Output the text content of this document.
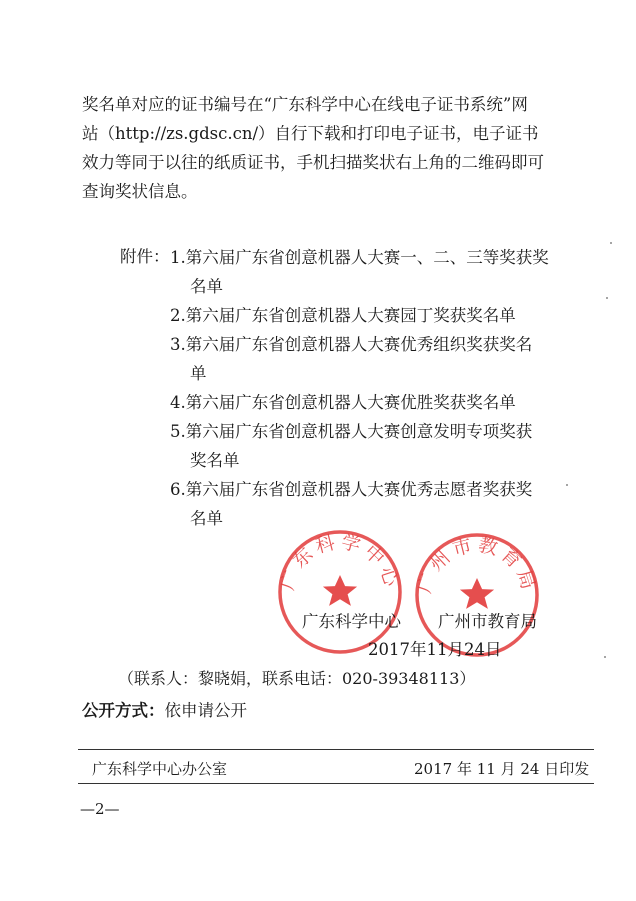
奖名单对应的证书编号在“广东科学中心在线电子证书系统”网
站（http://zs.gdsc.cn/）自行下载和打印电子证书，电子证书
效力等同于以往的纸质证书，手机扫描奖状右上角的二维码即可
查询奖状信息。
附件： 1.第六届广东省创意机器人大赛一、二、三等奖获奖
名单
2.第六届广东省创意机器人大赛园丁奖获奖名单
3.第六届广东省创意机器人大赛优秀组织奖获奖名
单
4.第六届广东省创意机器人大赛优胜奖获奖名单
5.第六届广东省创意机器人大赛创意发明专项奖获
奖名单
6.第六届广东省创意机器人大赛优秀志愿者奖获奖
名单
广东科学中心 广州市教育局
广东科学中心 广州市教育局
2017年11月24日
（联系人：黎晓娟，联系电话：020-39348113）
公开方式：依申请公开
广东科学中心办公室	2017 年 11 月 24 日印发
—2—
